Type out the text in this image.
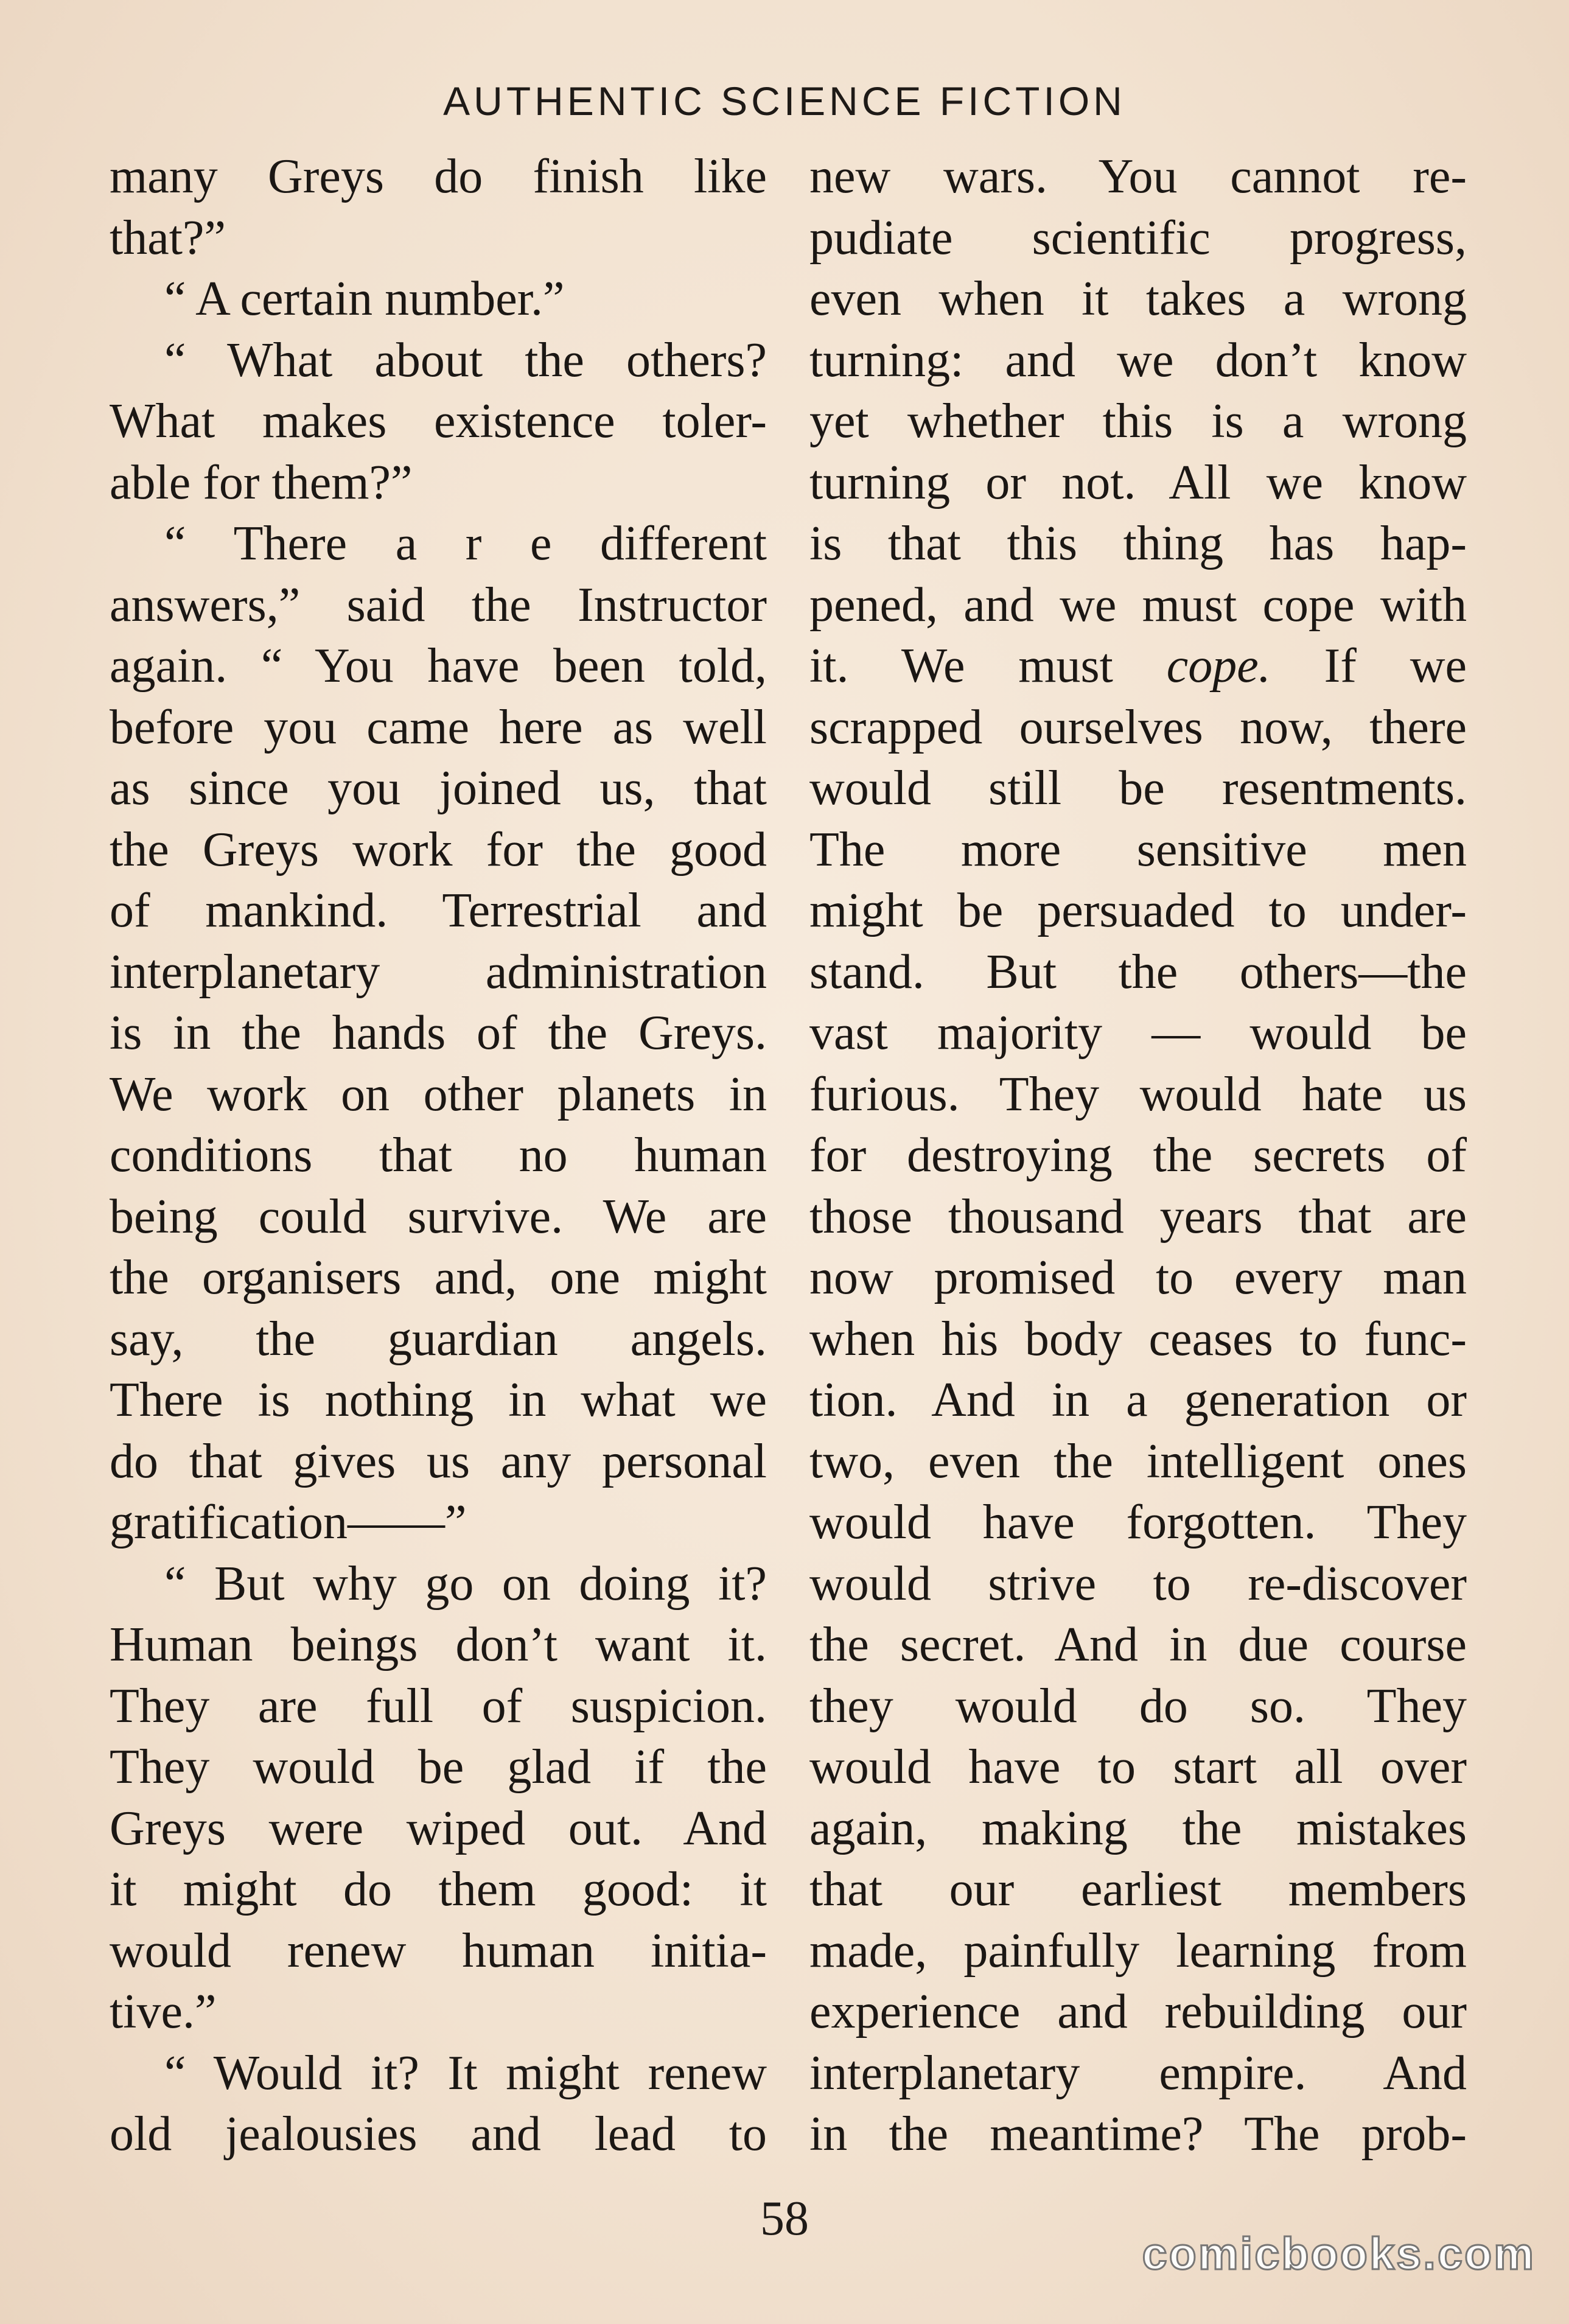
AUTHENTIC SCIENCE FICTION
many Greys do finish like
that?”
“ A certain number.”
“ What about the others?
What makes existence toler-
able for them?”
“ There a r e different
answers,” said the Instructor
again. “ You have been told,
before you came here as well
as since you joined us, that
the Greys work for the good
of mankind. Terrestrial and
interplanetary administration
is in the hands of the Greys.
We work on other planets in
conditions that no human
being could survive. We are
the organisers and, one might
say, the guardian angels.
There is nothing in what we
do that gives us any personal
gratification——”
“ But why go on doing it?
Human beings don’t want it.
They are full of suspicion.
They would be glad if the
Greys were wiped out. And
it might do them good: it
would renew human initia-
tive.”
“ Would it? It might renew
old jealousies and lead to
new wars. You cannot re-
pudiate scientific progress,
even when it takes a wrong
turning: and we don’t know
yet whether this is a wrong
turning or not. All we know
is that this thing has hap-
pened, and we must cope with
it. We must cope. If we
scrapped ourselves now, there
would still be resentments.
The more sensitive men
might be persuaded to under-
stand. But the others—the
vast majority — would be
furious. They would hate us
for destroying the secrets of
those thousand years that are
now promised to every man
when his body ceases to func-
tion. And in a generation or
two, even the intelligent ones
would have forgotten. They
would strive to re-discover
the secret. And in due course
they would do so. They
would have to start all over
again, making the mistakes
that our earliest members
made, painfully learning from
experience and rebuilding our
interplanetary empire. And
in the meantime? The prob-
58
comicbooks.com
